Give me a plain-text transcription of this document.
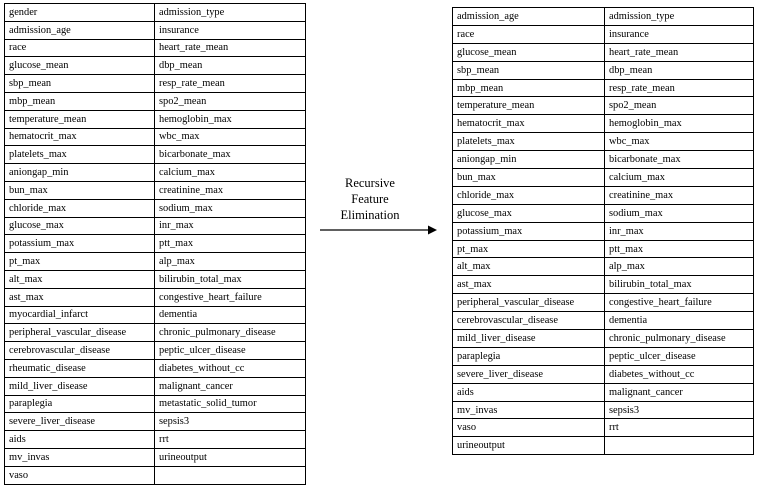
gender	admission_type
admission_age	insurance
race	heart_rate_mean
glucose_mean	dbp_mean
sbp_mean	resp_rate_mean
mbp_mean	spo2_mean
temperature_mean	hemoglobin_max
hematocrit_max	wbc_max
platelets_max	bicarbonate_max
aniongap_min	calcium_max
bun_max	creatinine_max
chloride_max	sodium_max
glucose_max	inr_max
potassium_max	ptt_max
pt_max	alp_max
alt_max	bilirubin_total_max
ast_max	congestive_heart_failure
myocardial_infarct	dementia
peripheral_vascular_disease	chronic_pulmonary_disease
cerebrovascular_disease	peptic_ulcer_disease
rheumatic_disease	diabetes_without_cc
mild_liver_disease	malignant_cancer
paraplegia	metastatic_solid_tumor
severe_liver_disease	sepsis3
aids	rrt
mv_invas	urineoutput
vaso	
Recursive
Feature
Elimination
admission_age	admission_type
race	insurance
glucose_mean	heart_rate_mean
sbp_mean	dbp_mean
mbp_mean	resp_rate_mean
temperature_mean	spo2_mean
hematocrit_max	hemoglobin_max
platelets_max	wbc_max
aniongap_min	bicarbonate_max
bun_max	calcium_max
chloride_max	creatinine_max
glucose_max	sodium_max
potassium_max	inr_max
pt_max	ptt_max
alt_max	alp_max
ast_max	bilirubin_total_max
peripheral_vascular_disease	congestive_heart_failure
cerebrovascular_disease	dementia
mild_liver_disease	chronic_pulmonary_disease
paraplegia	peptic_ulcer_disease
severe_liver_disease	diabetes_without_cc
aids	malignant_cancer
mv_invas	sepsis3
vaso	rrt
urineoutput	
